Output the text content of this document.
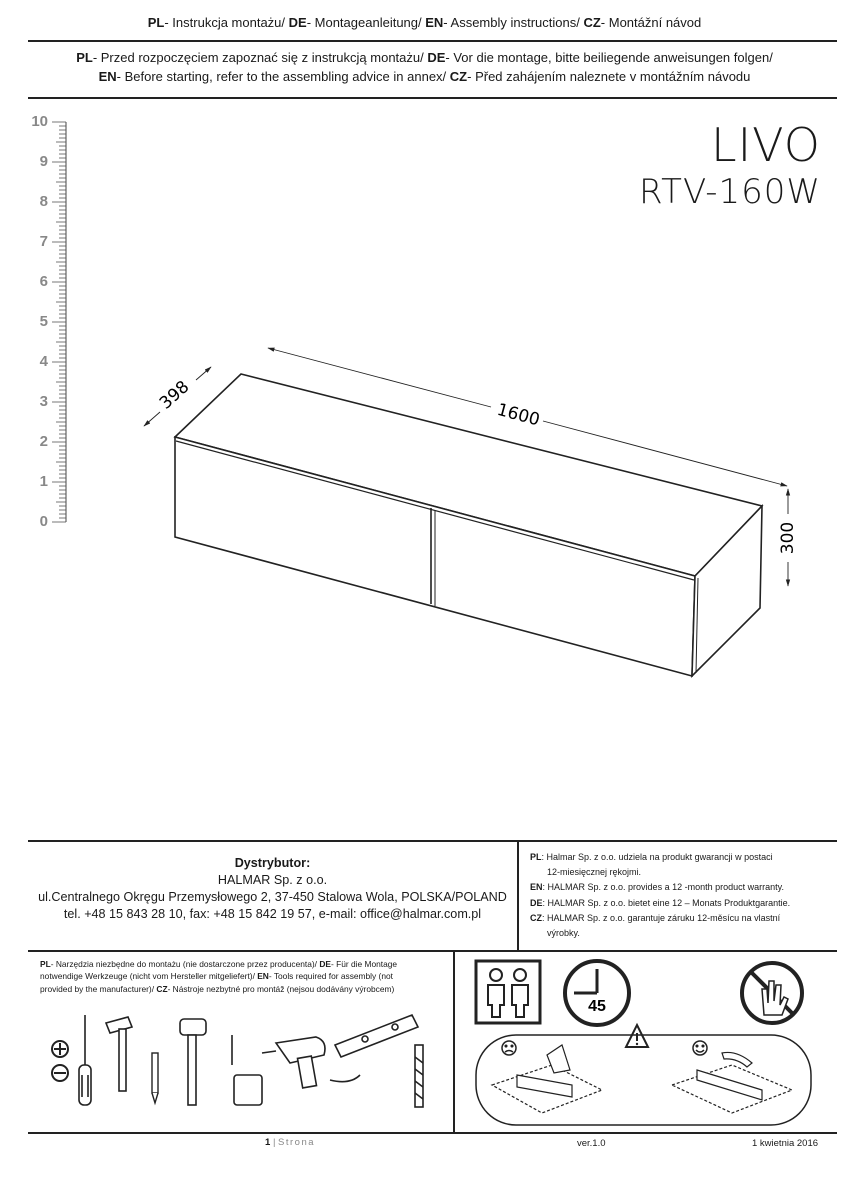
PL- Instrukcja montażu/ DE- Montageanleitung/ EN- Assembly instructions/ CZ- Montážní návod
PL- Przed rozpoczęciem zapoznać się z instrukcją montażu/ DE- Vor die montage, bitte beiliegende anweisungen folgen/
EN- Before starting, refer to the assembling advice in annex/ CZ- Před zahájením naleznete v montážním návodu
LIVO
RTV-160W
0
1
2
3
4
5
6
7
8
9
10
1600
398
300
Dystrybutor:
HALMAR Sp. z o.o.
ul.Centralnego Okręgu Przemysłowego 2, 37-450 Stalowa Wola, POLSKA/POLAND
tel. +48 15 843 28 10, fax: +48 15 842 19 57, e-mail: office@halmar.com.pl
PL: Halmar Sp. z o.o. udziela na produkt gwarancji w postaci
12-miesięcznej rękojmi.
EN: HALMAR Sp. z o.o. provides a 12 -month product warranty.
DE: HALMAR Sp. z o.o. bietet eine 12 – Monats Produktgarantie.
CZ: HALMAR Sp. z o.o. garantuje záruku 12-měsícu na vlastní
výrobky.
PL- Narzędzia niezbędne do montażu (nie dostarczone przez producenta)/ DE- Für die Montage
notwendige Werkzeuge (nicht vom Hersteller mitgeliefert)/ EN- Tools required for assembly (not
provided by the manufacturer)/ CZ- Nástroje nezbytné pro montáž (nejsou dodávány výrobcem)
45
1 | Strona	ver.1.0	1 kwietnia 2016
